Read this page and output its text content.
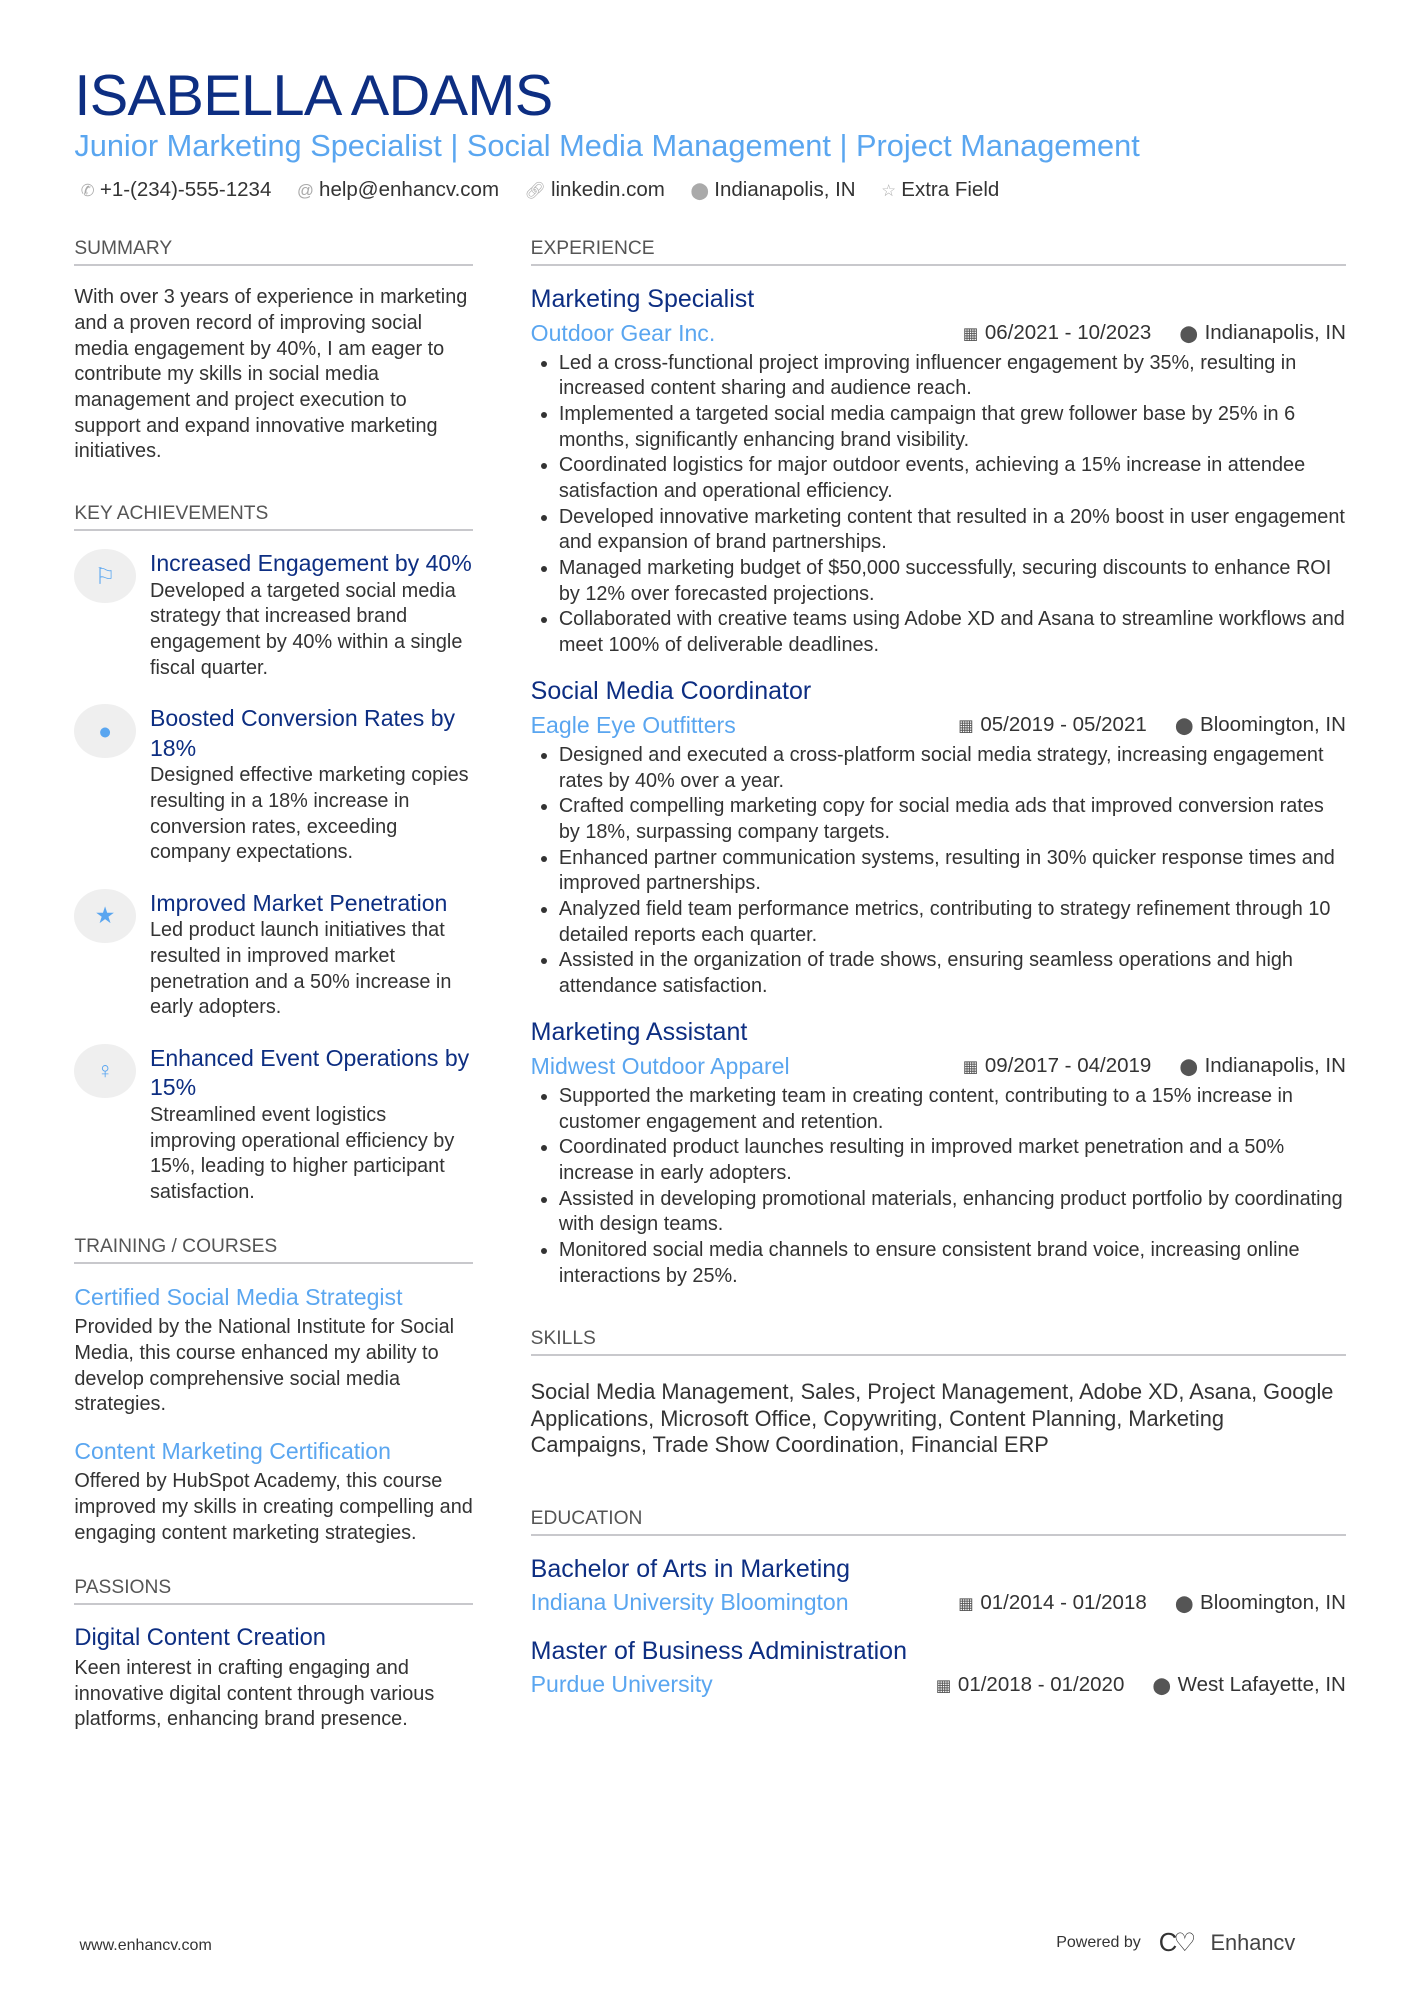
ISABELLA ADAMS
Junior Marketing Specialist | Social Media Management | Project Management
✆ +1-(234)-555-1234 @ help@enhancv.com 🔗︎ linkedin.com ⬤ Indianapolis, IN ☆ Extra Field
SUMMARY
With over 3 years of experience in marketing and a proven record of improving social media engagement by 40%, I am eager to contribute my skills in social media management and project execution to support and expand innovative marketing initiatives.
KEY ACHIEVEMENTS
⚐	Increased Engagement by 40%
Developed a targeted social media strategy that increased brand engagement by 40% within a single fiscal quarter.
●	Boosted Conversion Rates by 18%
Designed effective marketing copies resulting in a 18% increase in conversion rates, exceeding company expectations.
★	Improved Market Penetration
Led product launch initiatives that resulted in improved market penetration and a 50% increase in early adopters.
♀	Enhanced Event Operations by 15%
Streamlined event logistics improving operational efficiency by 15%, leading to higher participant satisfaction.
TRAINING / COURSES
Certified Social Media Strategist
Provided by the National Institute for Social Media, this course enhanced my ability to develop comprehensive social media strategies.
Content Marketing Certification
Offered by HubSpot Academy, this course improved my skills in creating compelling and engaging content marketing strategies.
PASSIONS
Digital Content Creation
Keen interest in crafting engaging and innovative digital content through various platforms, enhancing brand presence.
EXPERIENCE
Marketing Specialist
Outdoor Gear Inc.	▦ 06/2021 - 10/2023 ⬤ Indianapolis, IN
• Led a cross-functional project improving influencer engagement by 35%, resulting in increased content sharing and audience reach.
• Implemented a targeted social media campaign that grew follower base by 25% in 6 months, significantly enhancing brand visibility.
• Coordinated logistics for major outdoor events, achieving a 15% increase in attendee satisfaction and operational efficiency.
• Developed innovative marketing content that resulted in a 20% boost in user engagement and expansion of brand partnerships.
• Managed marketing budget of $50,000 successfully, securing discounts to enhance ROI by 12% over forecasted projections.
• Collaborated with creative teams using Adobe XD and Asana to streamline workflows and meet 100% of deliverable deadlines.
Social Media Coordinator
Eagle Eye Outfitters	▦ 05/2019 - 05/2021 ⬤ Bloomington, IN
• Designed and executed a cross-platform social media strategy, increasing engagement rates by 40% over a year.
• Crafted compelling marketing copy for social media ads that improved conversion rates by 18%, surpassing company targets.
• Enhanced partner communication systems, resulting in 30% quicker response times and improved partnerships.
• Analyzed field team performance metrics, contributing to strategy refinement through 10 detailed reports each quarter.
• Assisted in the organization of trade shows, ensuring seamless operations and high attendance satisfaction.
Marketing Assistant
Midwest Outdoor Apparel	▦ 09/2017 - 04/2019 ⬤ Indianapolis, IN
• Supported the marketing team in creating content, contributing to a 15% increase in customer engagement and retention.
• Coordinated product launches resulting in improved market penetration and a 50% increase in early adopters.
• Assisted in developing promotional materials, enhancing product portfolio by coordinating with design teams.
• Monitored social media channels to ensure consistent brand voice, increasing online interactions by 25%.
SKILLS
Social Media Management, Sales, Project Management, Adobe XD, Asana, Google Applications, Microsoft Office, Copywriting, Content Planning, Marketing Campaigns, Trade Show Coordination, Financial ERP
EDUCATION
Bachelor of Arts in Marketing
Indiana University Bloomington	▦ 01/2014 - 01/2018 ⬤ Bloomington, IN
Master of Business Administration
Purdue University	▦ 01/2018 - 01/2020 ⬤ West Lafayette, IN
www.enhancv.com	Powered by C♡ Enhancv
